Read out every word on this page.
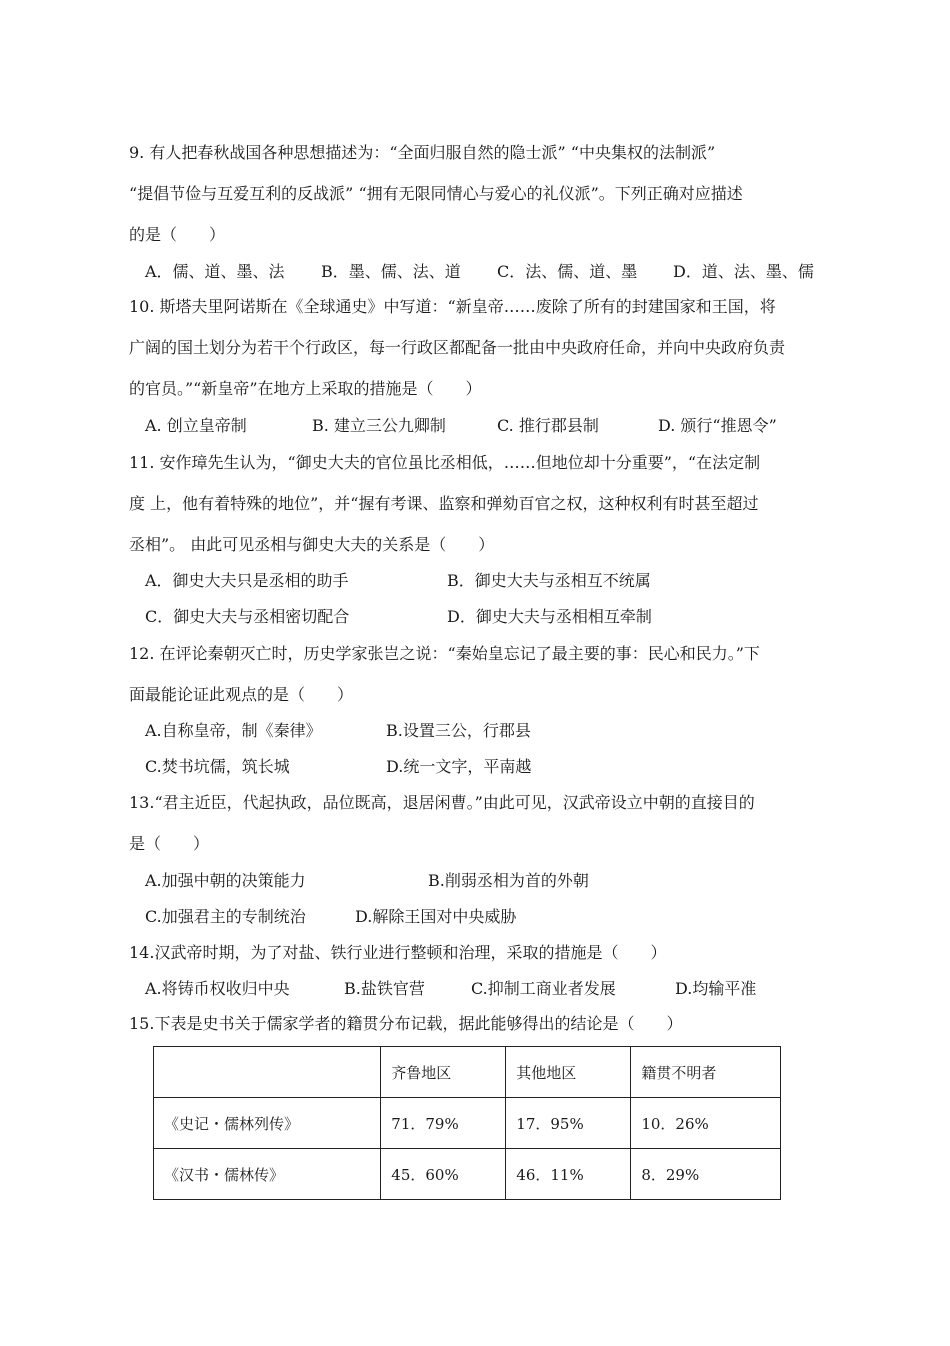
9. 有人把春秋战国各种思想描述为：“全面归服自然的隐士派” “中央集权的法制派”
“提倡节俭与互爱互利的反战派” “拥有无限同情心与爱心的礼仪派”。下列正确对应描述
的是（　　）
A．儒、道、墨、法 B．墨、儒、法、道 C．法、儒、道、墨 D．道、法、墨、儒
10. 斯塔夫里阿诺斯在《全球通史》中写道：“新皇帝……废除了所有的封建国家和王国，将
广阔的国土划分为若干个行政区，每一行政区都配备一批由中央政府任命，并向中央政府负责
的官员。”“新皇帝”在地方上采取的措施是（　　）
A. 创立皇帝制	B. 建立三公九卿制	C. 推行郡县制	D. 颁行“推恩令”
11. 安作璋先生认为，“御史大夫的官位虽比丞相低，……但地位却十分重要”，“在法定制
度 上，他有着特殊的地位”，并“握有考课、监察和弹劾百官之权，这种权利有时甚至超过
丞相”。 由此可见丞相与御史大夫的关系是（　　）
A．御史大夫只是丞相的助手	B．御史大夫与丞相互不统属
C．御史大夫与丞相密切配合	D．御史大夫与丞相相互牵制
12. 在评论秦朝灭亡时，历史学家张岂之说：“秦始皇忘记了最主要的事：民心和民力。”下
面最能论证此观点的是（　　）
A.自称皇帝，制《秦律》	B.设置三公，行郡县
C.焚书坑儒，筑长城	D.统一文字，平南越
13.“君主近臣，代起执政，品位既高，退居闲曹。”由此可见，汉武帝设立中朝的直接目的
是（　　）
A.加强中朝的决策能力	B.削弱丞相为首的外朝
C.加强君主的专制统治	D.解除王国对中央威胁
14.汉武帝时期，为了对盐、铁行业进行整顿和治理，采取的措施是（　　）
A.将铸币权收归中央	B.盐铁官营	C.抑制工商业者发展	D.均输平准
15.下表是史书关于儒家学者的籍贯分布记载，据此能够得出的结论是（　　）
	齐鲁地区	其他地区	籍贯不明者
《史记・儒林列传》	71．79%	17．95%	10．26%
《汉书・儒林传》	45．60%	46．11%	8．29%
